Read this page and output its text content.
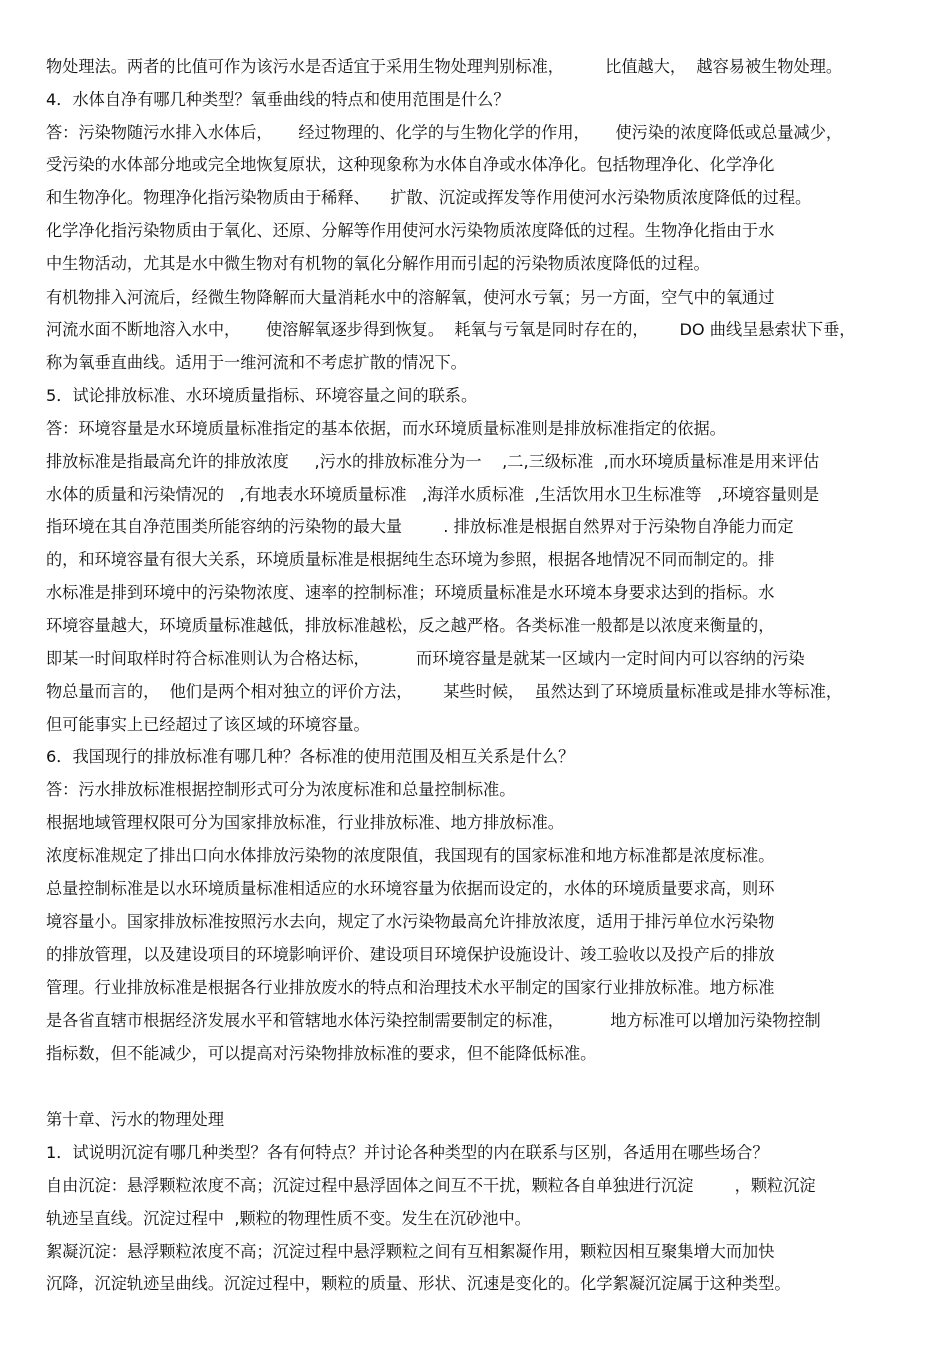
物处理法。两者的比值可作为该污水是否适宜于采用生物处理判别标准，        比值越大，  越容易被生物处理。
4．水体自净有哪几种类型？氧垂曲线的特点和使用范围是什么？
答：污染物随污水排入水体后，     经过物理的、化学的与生物化学的作用，     使污染的浓度降低或总量减少，
受污染的水体部分地或完全地恢复原状，这种现象称为水体自净或水体净化。包括物理净化、化学净化
和生物净化。物理净化指污染物质由于稀释、    扩散、沉淀或挥发等作用使河水污染物质浓度降低的过程。
化学净化指污染物质由于氧化、还原、分解等作用使河水污染物质浓度降低的过程。生物净化指由于水
中生物活动，尤其是水中微生物对有机物的氧化分解作用而引起的污染物质浓度降低的过程。
有机物排入河流后，经微生物降解而大量消耗水中的溶解氧，使河水亏氧；另一方面，空气中的氧通过
河流水面不断地溶入水中，     使溶解氧逐步得到恢复。  耗氧与亏氧是同时存在的，      DO 曲线呈悬索状下垂，
称为氧垂直曲线。适用于一维河流和不考虑扩散的情况下。
5．试论排放标准、水环境质量指标、环境容量之间的联系。
答：环境容量是水环境质量标准指定的基本依据，而水环境质量标准则是排放标准指定的依据。
排放标准是指最高允许的排放浓度     ,污水的排放标准分为一    ,二,三级标准  ,而水环境质量标准是用来评估
水体的质量和污染情况的   ,有地表水环境质量标准   ,海洋水质标准  ,生活饮用水卫生标准等   ,环境容量则是
指环境在其自净范围类所能容纳的污染物的最大量        . 排放标准是根据自然界对于污染物自净能力而定
的，和环境容量有很大关系，环境质量标准是根据纯生态环境为参照，根据各地情况不同而制定的。排
水标准是排到环境中的污染物浓度、速率的控制标准；环境质量标准是水环境本身要求达到的指标。水
环境容量越大，环境质量标准越低，排放标准越松，反之越严格。各类标准一般都是以浓度来衡量的，
即某一时间取样时符合标准则认为合格达标，         而环境容量是就某一区域内一定时间内可以容纳的污染
物总量而言的，  他们是两个相对独立的评价方法，      某些时候，  虽然达到了环境质量标准或是排水等标准，
但可能事实上已经超过了该区域的环境容量。
6．我国现行的排放标准有哪几种？各标准的使用范围及相互关系是什么？
答：污水排放标准根据控制形式可分为浓度标准和总量控制标准。
根据地域管理权限可分为国家排放标准，行业排放标准、地方排放标准。
浓度标准规定了排出口向水体排放污染物的浓度限值，我国现有的国家标准和地方标准都是浓度标准。
总量控制标准是以水环境质量标准相适应的水环境容量为依据而设定的，水体的环境质量要求高，则环
境容量小。国家排放标准按照污水去向，规定了水污染物最高允许排放浓度，适用于排污单位水污染物
的排放管理，以及建设项目的环境影响评价、建设项目环境保护设施设计、竣工验收以及投产后的排放
管理。行业排放标准是根据各行业排放废水的特点和治理技术水平制定的国家行业排放标准。地方标准
是各省直辖市根据经济发展水平和管辖地水体污染控制需要制定的标准，         地方标准可以增加污染物控制
指标数，但不能减少，可以提高对污染物排放标准的要求，但不能降低标准。
第十章、污水的物理处理
1．试说明沉淀有哪几种类型？各有何特点？并讨论各种类型的内在联系与区别，各适用在哪些场合？
自由沉淀：悬浮颗粒浓度不高；沉淀过程中悬浮固体之间互不干扰，颗粒各自单独进行沉淀        ，颗粒沉淀
轨迹呈直线。沉淀过程中  ,颗粒的物理性质不变。发生在沉砂池中。
絮凝沉淀：悬浮颗粒浓度不高；沉淀过程中悬浮颗粒之间有互相絮凝作用，颗粒因相互聚集增大而加快
沉降，沉淀轨迹呈曲线。沉淀过程中，颗粒的质量、形状、沉速是变化的。化学絮凝沉淀属于这种类型。
